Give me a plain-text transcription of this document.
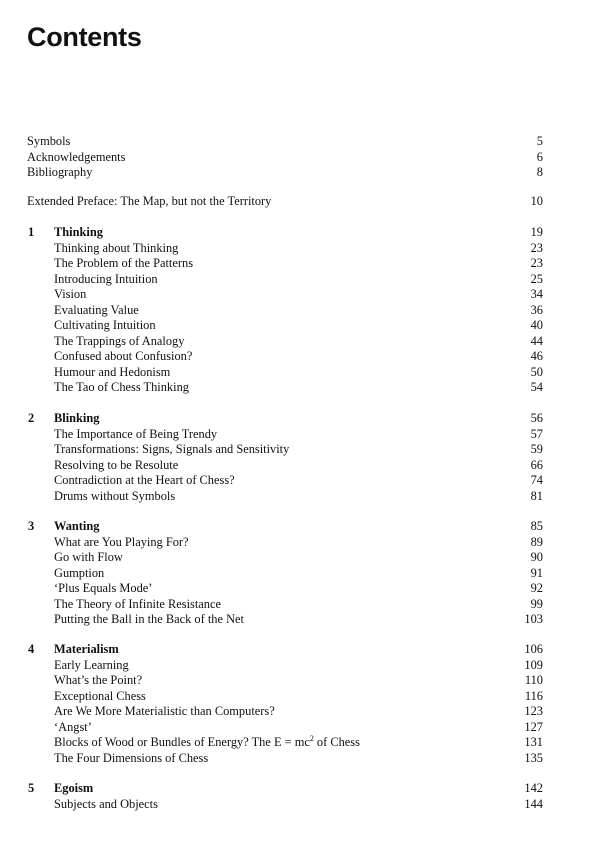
Contents
Symbols	5
Acknowledgements	6
Bibliography	8
Extended Preface: The Map, but not the Territory	10
1 Thinking	19
Thinking about Thinking	23
The Problem of the Patterns	23
Introducing Intuition	25
Vision	34
Evaluating Value	36
Cultivating Intuition	40
The Trappings of Analogy	44
Confused about Confusion?	46
Humour and Hedonism	50
The Tao of Chess Thinking	54
2 Blinking	56
The Importance of Being Trendy	57
Transformations: Signs, Signals and Sensitivity	59
Resolving to be Resolute	66
Contradiction at the Heart of Chess?	74
Drums without Symbols	81
3 Wanting	85
What are You Playing For?	89
Go with Flow	90
Gumption	91
‘Plus Equals Mode’	92
The Theory of Infinite Resistance	99
Putting the Ball in the Back of the Net	103
4 Materialism	106
Early Learning	109
What’s the Point?	110
Exceptional Chess	116
Are We More Materialistic than Computers?	123
‘Angst’	127
Blocks of Wood or Bundles of Energy? The $E = mc^2$ of Chess	131
The Four Dimensions of Chess	135
5 Egoism	142
Subjects and Objects	144
